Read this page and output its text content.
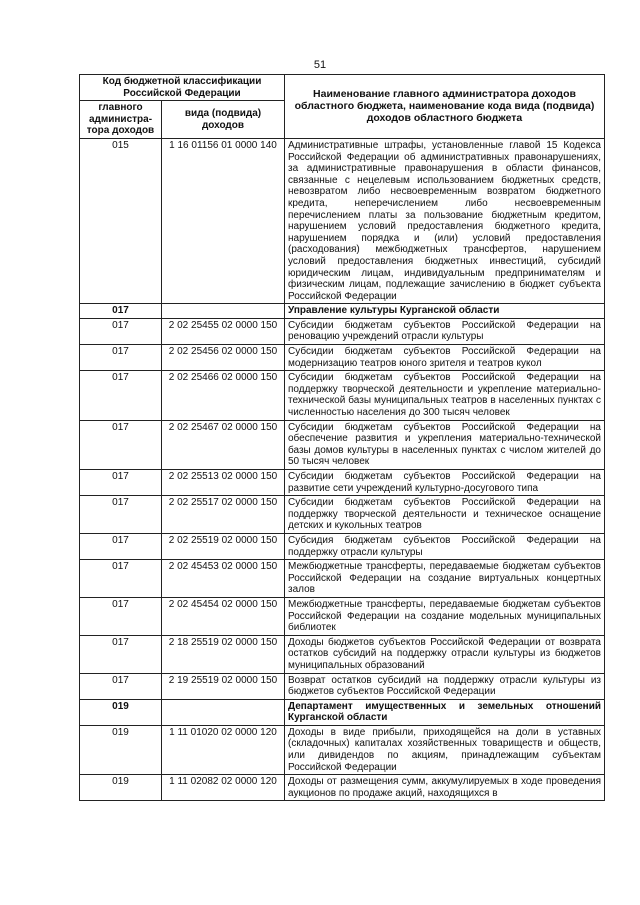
51
Код бюджетной классификации Российской Федерации		Наименование главного администратора доходов областного бюджета, наименование кода вида (подвида) доходов областного бюджета
главного администра-тора доходов	вида (подвида) доходов	
015	1 16 01156 01 0000 140	Административные штрафы, установленные главой 15 Кодекса Российской Федерации об административных правонарушениях, за административные правонарушения в области финансов, связанные с нецелевым использованием бюджетных средств, невозвратом либо несвоевременным возвратом бюджетного кредита, неперечислением либо несвоевременным перечислением платы за пользование бюджетным кредитом, нарушением условий предоставления бюджетного кредита, нарушением порядка и (или) условий предоставления (расходования) межбюджетных трансфертов, нарушением условий предоставления бюджетных инвестиций, субсидий юридическим лицам, индивидуальным предпринимателям и физическим лицам, подлежащие зачислению в бюджет субъекта Российской Федерации
017		Управление культуры Курганской области
017	2 02 25455 02 0000 150	Субсидии бюджетам субъектов Российской Федерации на реновацию учреждений отрасли культуры
017	2 02 25456 02 0000 150	Субсидии бюджетам субъектов Российской Федерации на модернизацию театров юного зрителя и театров кукол
017	2 02 25466 02 0000 150	Субсидии бюджетам субъектов Российской Федерации на поддержку творческой деятельности и укрепление материально-технической базы муниципальных театров в населенных пунктах с численностью населения до 300 тысяч человек
017	2 02 25467 02 0000 150	Субсидии бюджетам субъектов Российской Федерации на обеспечение развития и укрепления материально-технической базы домов культуры в населенных пунктах с числом жителей до 50 тысяч человек
017	2 02 25513 02 0000 150	Субсидии бюджетам субъектов Российской Федерации на развитие сети учреждений культурно-досугового типа
017	2 02 25517 02 0000 150	Субсидии бюджетам субъектов Российской Федерации на поддержку творческой деятельности и техническое оснащение детских и кукольных театров
017	2 02 25519 02 0000 150	Субсидия бюджетам субъектов Российской Федерации на поддержку отрасли культуры
017	2 02 45453 02 0000 150	Межбюджетные трансферты, передаваемые бюджетам субъектов Российской Федерации на создание виртуальных концертных залов
017	2 02 45454 02 0000 150	Межбюджетные трансферты, передаваемые бюджетам субъектов Российской Федерации на создание модельных муниципальных библиотек
017	2 18 25519 02 0000 150	Доходы бюджетов субъектов Российской Федерации от возврата остатков субсидий на поддержку отрасли культуры из бюджетов муниципальных образований
017	2 19 25519 02 0000 150	Возврат остатков субсидий на поддержку отрасли культуры из бюджетов субъектов Российской Федерации
019		Департамент имущественных и земельных отношений Курганской области
019	1 11 01020 02 0000 120	Доходы в виде прибыли, приходящейся на доли в уставных (складочных) капиталах хозяйственных товариществ и обществ, или дивидендов по акциям, принадлежащим субъектам Российской Федерации
019	1 11 02082 02 0000 120	Доходы от размещения сумм, аккумулируемых в ходе проведения аукционов по продаже акций, находящихся в
